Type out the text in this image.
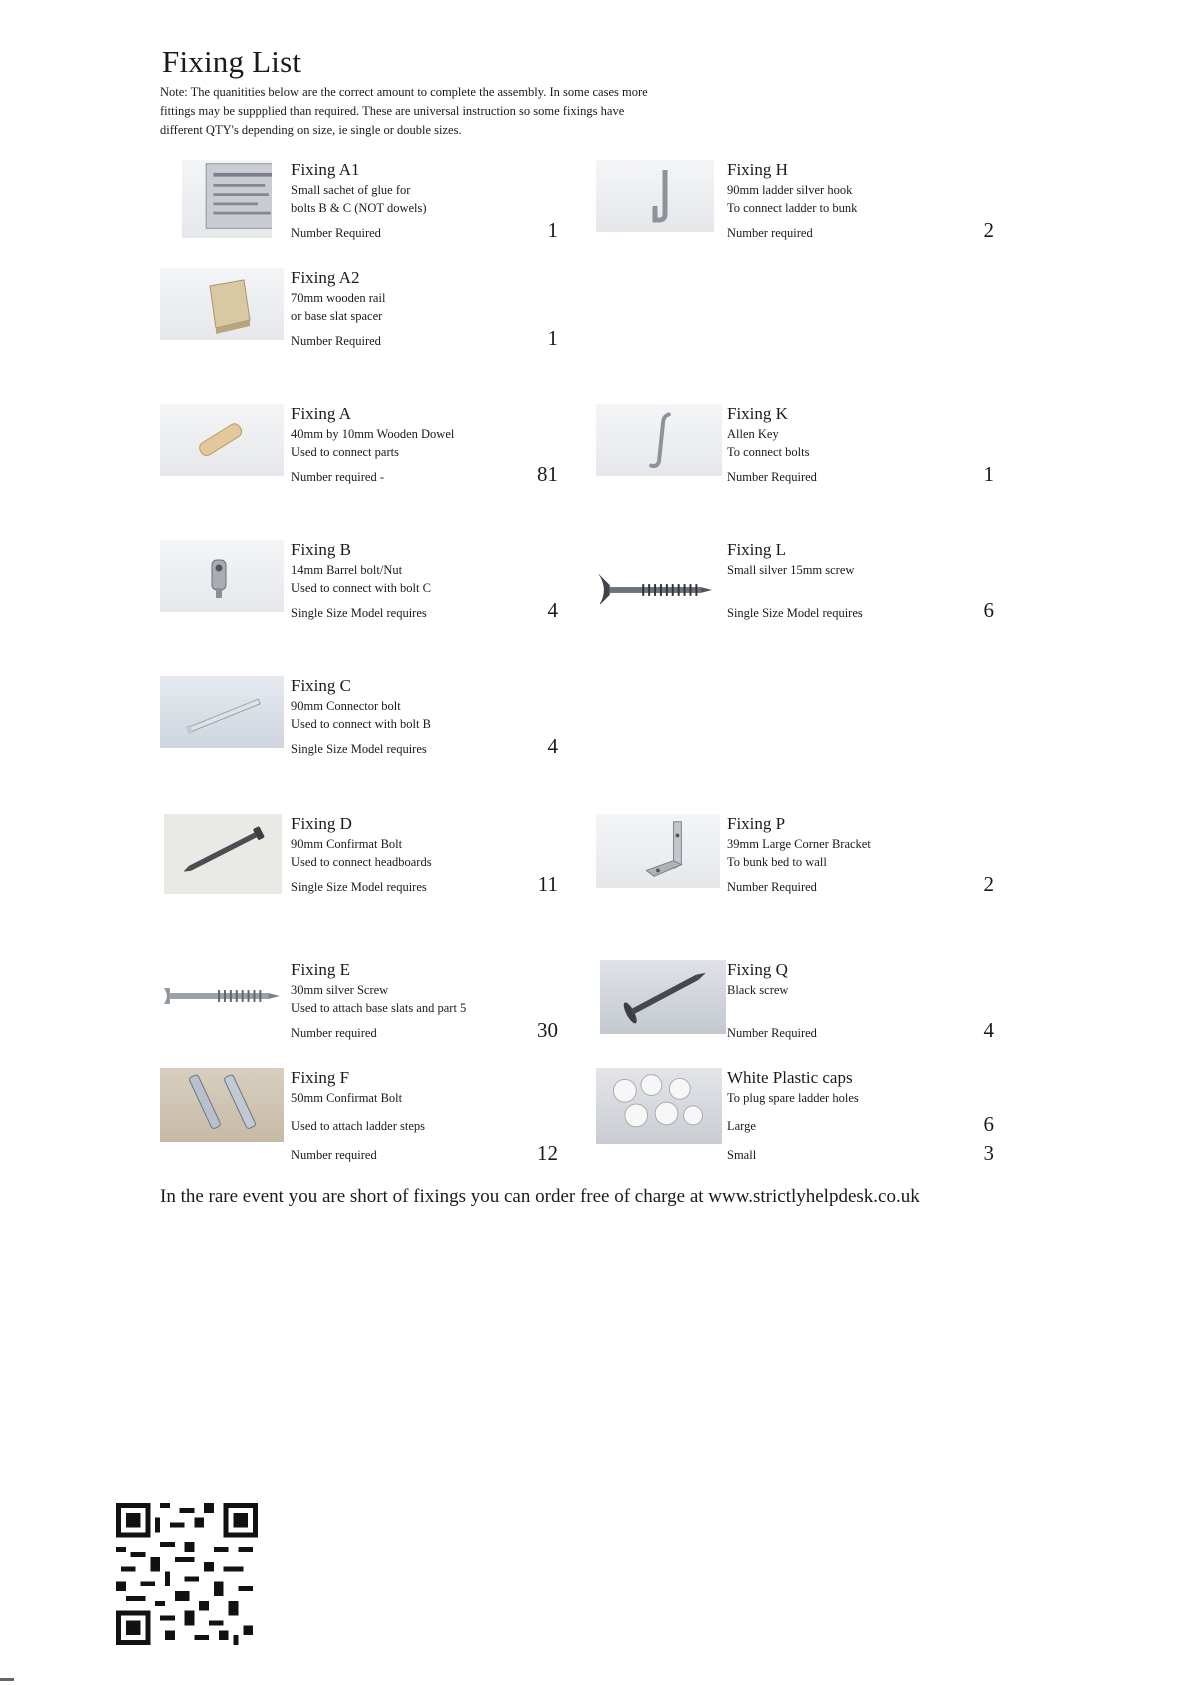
Fixing List
Note: The quanitities below are the correct amount to complete the assembly. In some cases more
fittings may be suppplied than required. These are universal instruction so some fixings have
different QTY's depending on size, ie single or double sizes.
Fixing A1
Small sachet of glue for
bolts B & C (NOT dowels)
Number Required	1
Fixing A2
70mm wooden rail
or base slat spacer
Number Required	1
Fixing A
40mm by 10mm Wooden Dowel
Used to connect parts
Number required -	81
Fixing B
14mm Barrel bolt/Nut
Used to connect with bolt C
Single Size Model requires	4
Fixing C
90mm Connector bolt
Used to connect with bolt B
Single Size Model requires	4
Fixing D
90mm Confirmat Bolt
Used to connect headboards
Single Size Model requires	11
Fixing E
30mm silver Screw
Used to attach base slats and part 5
Number required	30
Fixing F
50mm Confirmat Bolt
Used to attach ladder steps
Number required	12
Fixing H
90mm ladder silver hook
To connect ladder to bunk
Number required	2
Fixing K
Allen Key
To connect bolts
Number Required	1
Fixing L
Small silver 15mm screw
Single Size Model requires	6
Fixing P
39mm Large Corner Bracket
To bunk bed to wall
Number Required	2
Fixing Q
Black screw
Number Required	4
White Plastic caps
To plug spare ladder holes
Large	6
Small	3
In the rare event you are short of fixings you can order free of charge at www.strictlyhelpdesk.co.uk
